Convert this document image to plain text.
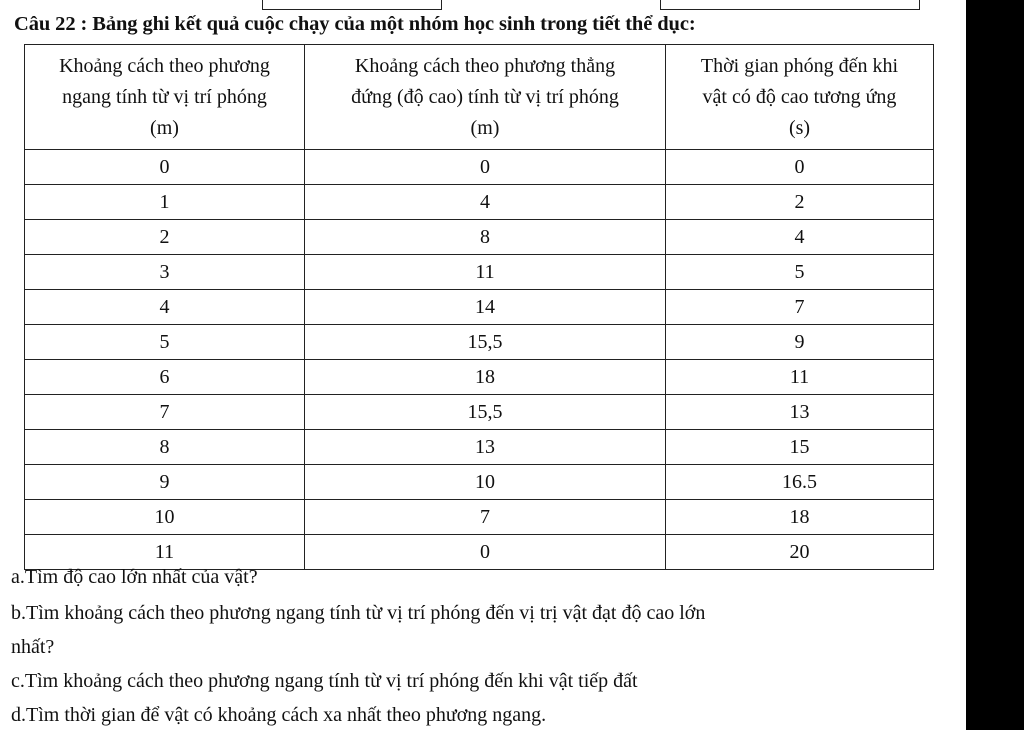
Câu 22 : Bảng ghi kết quả cuộc chạy của một nhóm học sinh trong tiết thể dục:
Khoảng cách theo phương
ngang tính từ vị trí phóng
(m)	Khoảng cách theo phương thẳng
đứng (độ cao) tính từ vị trí phóng
(m)	Thời gian phóng đến khi
vật có độ cao tương ứng
(s)
0	0	0
1	4	2
2	8	4
3	11	5
4	14	7
5	15,5	9
6	18	11
7	15,5	13
8	13	15
9	10	16.5
10	7	18
11	0	20
a.Tìm độ cao lớn nhất của vật?
b.Tìm khoảng cách theo phương ngang tính từ vị trí phóng đến vị trị vật đạt độ cao lớn
nhất?
c.Tìm khoảng cách theo phương ngang tính từ vị trí phóng đến khi vật tiếp đất
d.Tìm thời gian để vật có khoảng cách xa nhất theo phương ngang.
